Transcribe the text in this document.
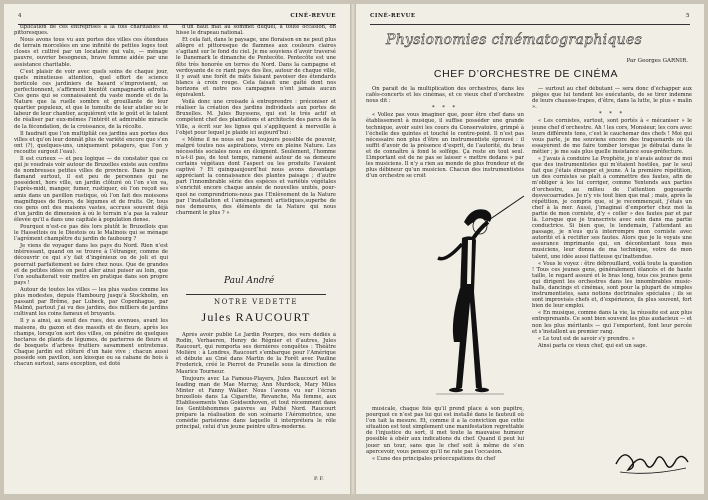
4	CINÉ-REVUE

tiplication de ces entreprises à la fois charitables et pittoresques.

Nous avons tous vu aux portes des villes ces étendues de terrain morcelées en une infinité de petites loges tout closes et cultivé par un locataire qui valu, — ménage pauvre, ouvrier besogneux, brave femme aidée par une assistance charitable.

C’est plaisir de voir avec quels soins de chaque jour, quels minutieuse attention, quel effort de science horticole ces jardiniers de hasard s’improvisent, se perfectionnent, s’affirment bientôt campagnards adroits. Ces gens qui se connaissaient du vaste monde et de la Nature que la ruelle sombre et grouillante de leur quartier populeux, et que le tumulte de leur atelier ou le labeur de leur chantier, acquièrent vite le goût et le talent de réaliser par eux-mêmes l’intérêt et admirable miracle de la fécondation, de la croissance, de la récolte.

Il faudrait que l’on multipliât ces jardins aux portes des villes et qu’on leur donnât plus de variété encore que s’en ont (?), quelques-uns, uniquement potagers, que l’on y recoutte surgout l’eau).

Il est curieux — et peu logique — de constater que ce qui je voudrais voir autour de Bruxelles existe aux confins de nombreuses petites villes de province. Dans le pays flamand surtout, il est peu de personnes qui ne possèdent, hors ville, un jardin clôturé où l’on s’en va, l’après-midi, manger, fumer, rustiquer, où l’on reçoit ses amis dans un pavillon rustique, où l’on fait des moissons magnifiques de fleurs, de légumes et de fruits. Or, tous ces gens ont des maisons vastes, accrues souvent déjà d’un jardin de dimension à où le terrain n’a pas la valeur élevée qu’il a dans une capitale à population dense.

Pourquoi n’est-ce pas dès lors plutôt le Bruxellois que le Hasseltois ou le Diestois ou le Malinois qui se ménage l’agrément champêtre du jardin de faubourg ?

Je viens de voyager dans les pays du Nord. Rien n’est intéressant, quand on se trouve à l’étranger, comme de découvrir ce qui s’y fait d’ingénieux ou de joli et qui pourrait parfaitement se faire chez nous. Que de grandes et de petites idées on peut aller ainsi puiser au loin, que l’on souhaiterait voir mettre en pratique dans son propre pays !

Autour de toutes les villes — les plus vastes comme les plus modestes, depuis Hambourg jusqu’à Stockholm, en passant par Brême, par Lubeck, par Copenhague, par Malmö, partout j’ai vu des jardins, des milliers de jardins cultivant les coins fameux et bruyants.

Il y a ainsi, au seuil des rues, des avenues, avant les maisons, du gazon et des massifs et de fleurs, après les champs, lorsqu’on sort des villes, on pénètre de quelques hectares de plants de légumes, de parterres de fleurs et de bosquets d’arbres fruitiers savamment entretenus. Chaque jardin est clôturé d’un haie vive ; chacun aussi possède son pavillon, son kiosque ou sa cabane de bois à chacun surtout, sans exception, est doté

d’un haut mât au sommet duquel, à toute occasion, on hisse le drapeau national.

Et cela fait, dans le paysage, une floraison en ne peut plus allègre et pittoresque de flammes aux couleurs claires s’agitant sur le fond du ciel. Je me souviens d’avoir traversé le Danemark le dimanche de Pentecôte. Pentecôte est une fête très honorée en terres du Nord. Dans la campagne et verdoyante de ce riant pays des îles, autour de chaque ville, il y avait une forêt de mâts faisant pavoiser des étendards blancs à croix rouge. Cela faisait une gaîté dont nos horizons et notre nos campagnes n’ont jamais aucun équivalent.

Voilà donc une croisade à entreprendre : préconiser et réaliser la création des jardins individuels aux portes de Bruxelles. M. Jules Buyssens, qui est le très actif et compétent chef des plantations et architecte des parcs de la Ville, a écrit sur les lignes qui s’appliquent à merveille à l’objet pour lequel je plaide ici aujourd’hui :

« Même il ne nous est pas toujours possible de pouvoir, malgré toutes nos aspirations, vivre en pleine Nature. Les nécessités sociales nous en éloignent. Seulement, l’homme n’a-t-il pas, de tout temps, ramené autour de sa demeure certains végétaux dont l’aspect ou les produits l’avaient captivé ? Et quinquaujourd’hui nous avons davantage appréciant la connaissance des plantes paisage ; d’autre part l’innombrable série des espèces et variétés végétales s’enrichit encore chaque année de nouvelles unités, pour-quoi ne comprendrions-nous pas l’Enlèvement de la Nature par l’installation et l’aménagement artistiques,superbe de nos demeures, des éléments de la Nature qui nous charment le plus ? »

Paul André
NOTRE VEDETTE
Jules RAUCOURT

Après avoir publié Le Jardin Pourpre, des vers dédiés à Rodin, Verhaeren, Henry de Régnier et d’autres, Jules Raucourt, qui remporta ses dernières conquêtes : Théâtre Molière : à Londres, Raucourt s’embarque pour l’Amérique et débute au Ciné dans Martin de la Forêt avec Pauline Frederick, créé le Pierrot de Prunelle sous la direction de Maurice Tourneur.

Toujours avec La Famous-Players, Jules Raucourt est le leading man de Mae Murray, Ann Murdock, Mary Miles Minter et Fanny Walker. Nous l’avons vu sur l’écran bruxellois dans La Cigarette, Revanche, Ma femme, aux Etablissements Van Goidsenhoven, et tout récemment dans les Gentilshommes pauvres au Pathé Nord. Raucourt prépare la réalisation de son scénario l’Aéromotrice, une comédie parisienne dans laquelle il interprétera le rôle principal, celui d’un jeune peintre ultra-moderne.

P. F.
CINÉ-REVUE	5
Physionomies cinématographiques
Par Georges GARNIR.
CHEF D’ORCHESTRE DE CINÉMA

On parait de la multiplication des orchestres, dans les cafés-concerts et les cinémas, et ce vieux chef d’orchestre nous dit :

* * *

« Vollez pas vous imaginer que, pour être chef dans un établissement à musique, il suffise posséder une grande technique, avoir suivi les cours du Conservatoire, grimpé à l’échelle des quintes et touché le contre-point. Il n’est pas nécessaire non plus d’être un instrumentiste éprouvé : il suffit d’avoir de la présence d’esprit, de l’autorité, du bras et de connaître à fond le solfège. Ça reste en tout seul. L’important est de ne pas se laisser « mettre dedans » par les musiciens. Il n’y a rien au monde de plus frondeur et de plus débineur qu’un musicien. Chacun des instrumentistes d’un orchestre se croit

— surtout au chef débutant — sera donc d’échapper aux pièges que lui tendent les exécutants, de se tirer indemne de leurs chausse-trapes, d’être, dans la lutte, le plus « malin ».

* * *

« Les cornistes, surtout, sont portés à « mécaniser » le jeune chef d’orchestre. Ah ! les cors, Monsieur, les cors avec leurs différents tons, c’est le cauchemar des chefs ! Moi qui vous parle, je me souviens encore des traquenards où ils essayèrent de me faire tomber lorsque je débutai dans le métier ; je me sais plus quelle insistance sous-préfecture.

« J’avais à conduire Le Prophète, je n’avais autour de moi que des instrumentistes qui m’étaient hostiles, par le seul fait que j’étais étranger et jeune. À la première répétition, un des cornistes se plaît à commettre des fautes, afin de m’obliger à les lui corriger, comme Yentends aux parties d’orchestre, au milieu de l’attention gogouarde desvecoarrades. Je n’y vis tout bien que mal ; mais, après la répétition, je compris que, si je recommençait, j’étais un chef à la mer. Aussi, j’imaginai d’emporter chez moi la partie de mon corniste, d’y « coller » des fautes par et par là. Lorsque que je transcrivis avec soin dans ma partie conductrice. Si bien que, le lendemain, l’attendant au passage, je n’eus qu’à interrompre mon corniste avec autorité et à rectifier ses fautes. Alors que je le voyais une assurance imprimante qui, en décontentant tous mes musiciens, leur donna de ma technique, votre de mon talent, une idée aussi flatteuse qu’inattendue.

« Vous le voyez : être débrouillard, voilà toute la question ! Tous ces jeunes gens, généralement élancés et de haute taille, le regard assuré et le bras long, tous ces jeunes gens qui dirigent les orchestres dans les innombrables music-halls, dancings et cinémas, sont pour la plupart de simples instrumentistes, sans notions doctrinales spéciales ; ils se sont improvisés chefs et, d’expérience, ils plus souvent, fort bien de leur emploi.

« En musique, comme dans la vie, la réussite est aux plus entreprenants. Ce sont bien souvent les plus audacieux — et non les plus méritants — qui l’emportent, font leur percée et s’installent au premier rang.

« Le tout est de savoir s’y prendre. »

Ainsi parla ce vieux chef, qui est un sage.

musicale, chaque fois qu’il prend place à son pupitre, pourquoi ce n’est pas lui qui est installé dans le fauteuil où l’on tait la mesure. Et, comme il a la conviction que cette situation est tout simplement une manifestation regrettable de l’injustice du sort, il met toute la mauvaise humeur possible à obéir aux indications du chef. Quand il peut lui jouer un tour, sans que le chef soit à même de s’en apercevoir, vous pensez qu’il ne rate pas l’occasion.

« L’une des principales préoccupations du chef
